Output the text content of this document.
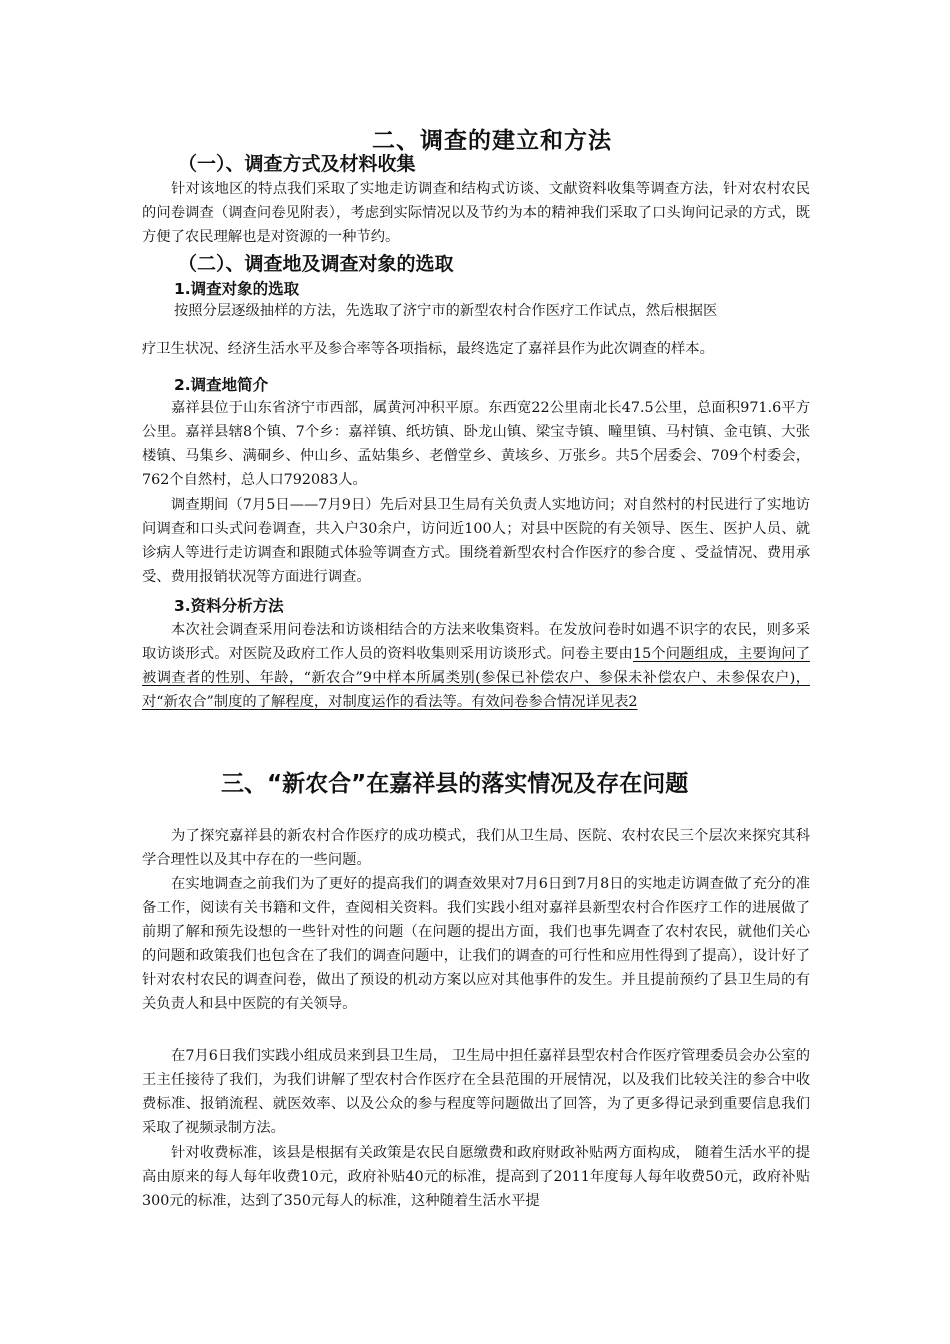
二、调查的建立和方法
（一）、调查方式及材料收集
针对该地区的特点我们采取了实地走访调查和结构式访谈、文献资料收集等调查方法，针对农村农民的问卷调查（调查问卷见附表），考虑到实际情况以及节约为本的精神我们采取了口头询问记录的方式，既方便了农民理解也是对资源的一种节约。
（二）、调查地及调查对象的选取
1.调查对象的选取
按照分层逐级抽样的方法，先选取了济宁市的新型农村合作医疗工作试点，然后根据医
疗卫生状况、经济生活水平及参合率等各项指标，最终选定了嘉祥县作为此次调查的样本。
2.调查地简介
嘉祥县位于山东省济宁市西部，属黄河冲积平原。东西宽22公里南北长47.5公里，总面积971.6平方公里。嘉祥县辖8个镇、7个乡：嘉祥镇、纸坊镇、卧龙山镇、梁宝寺镇、疃里镇、马村镇、金屯镇、大张楼镇、马集乡、满硐乡、仲山乡、孟姑集乡、老僧堂乡、黄垓乡、万张乡。共5个居委会、709个村委会，762个自然村，总人口792083人。
调查期间（7月5日——7月9日）先后对县卫生局有关负责人实地访问；对自然村的村民进行了实地访问调查和口头式问卷调查，共入户30余户，访问近100人；对县中医院的有关领导、医生、医护人员、就诊病人等进行走访调查和跟随式体验等调查方式。围绕着新型农村合作医疗的参合度 、受益情况、费用承受、费用报销状况等方面进行调查。
3.资料分析方法
本次社会调查采用问卷法和访谈相结合的方法来收集资料。在发放问卷时如遇不识字的农民，则多采取访谈形式。对医院及政府工作人员的资料收集则采用访谈形式。问卷主要由15个问题组成，主要询问了被调查者的性别、年龄，“新农合”9中样本所属类别(参保已补偿农户、参保未补偿农户、未参保农户)，对“新农合”制度的了解程度，对制度运作的看法等。有效问卷参合情况详见表2
三、“新农合”在嘉祥县的落实情况及存在问题
为了探究嘉祥县的新农村合作医疗的成功模式，我们从卫生局、医院、农村农民三个层次来探究其科学合理性以及其中存在的一些问题。
在实地调查之前我们为了更好的提高我们的调查效果对7月6日到7月8日的实地走访调查做了充分的准备工作，阅读有关书籍和文件，查阅相关资料。我们实践小组对嘉祥县新型农村合作医疗工作的进展做了前期了解和预先设想的一些针对性的问题（在问题的提出方面，我们也事先调查了农村农民，就他们关心的问题和政策我们也包含在了我们的调查问题中，让我们的调查的可行性和应用性得到了提高），设计好了针对农村农民的调查问卷，做出了预设的机动方案以应对其他事件的发生。并且提前预约了县卫生局的有关负责人和县中医院的有关领导。
在7月6日我们实践小组成员来到县卫生局， 卫生局中担任嘉祥县型农村合作医疗管理委员会办公室的王主任接待了我们，为我们讲解了型农村合作医疗在全县范围的开展情况，以及我们比较关注的参合中收费标准、报销流程、就医效率、以及公众的参与程度等问题做出了回答，为了更多得记录到重要信息我们采取了视频录制方法。
针对收费标准，该县是根据有关政策是农民自愿缴费和政府财政补贴两方面构成， 随着生活水平的提高由原来的每人每年收费10元，政府补贴40元的标准，提高到了2011年度每人每年收费50元，政府补贴300元的标准，达到了350元每人的标准，这种随着生活水平提
